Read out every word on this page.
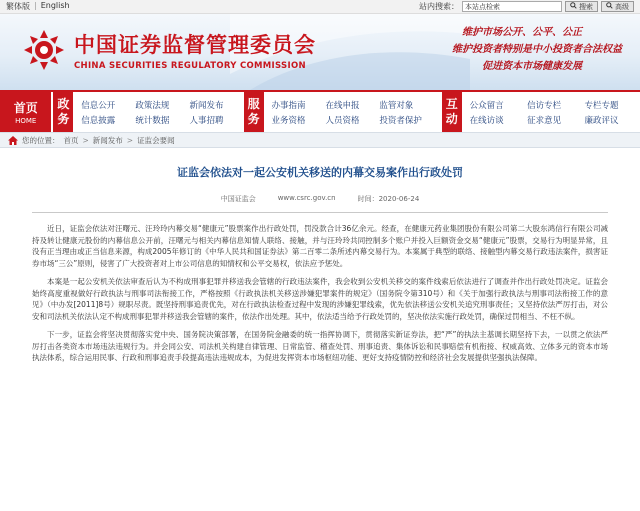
繁体版 | English	站内搜索：
本站点检索	搜索	高级
中国证券监督管理委员会
CHINA SECURITIES REGULATORY COMMISSION
维护市场公开、公平、公正
维护投资者特别是中小投资者合法权益
促进资本市场健康发展
首页
HOME
政
务
信息公开	政策法规	新闻发布
信息披露	统计数据	人事招聘
服
务
办事指南	在线申报	监管对象
业务资格	人员资格	投资者保护
互
动
公众留言	信访专栏	专栏专题
在线访谈	征求意见	廉政评议
您的位置： 首页 > 新闻发布 > 证监会要闻
证监会依法对一起公安机关移送的内幕交易案作出行政处罚
中国证监会	www.csrc.gov.cn	时间：2020-06-24

近日，证监会依法对汪曙元、汪玲玲内幕交易“健康元”股票案作出行政处罚，罚没款合计36亿余元。经查，在健康元药业集团股份有限公司第二大股东鸿信行有限公司减持及转让健康元股份的内幕信息公开前，汪曙元与相关内幕信息知情人联络、接触，并与汪玲玲共同控制多个账户并投入巨额资金交易“健康元”股票，交易行为明显异常，且没有正当理由或正当信息来源，构成2005年修订的《中华人民共和国证券法》第二百零二条所述内幕交易行为。本案属于典型的联络、接触型内幕交易行政违法案件，损害证券市场“三公”原则，侵害了广大投资者对上市公司信息的知情权和公平交易权，依法应予惩处。

本案是一起公安机关依法审查后认为不构成刑事犯罪并移送我会管辖的行政违法案件，我会收到公安机关移交的案件线索后依法进行了调查并作出行政处罚决定。证监会始终高度重视做好行政执法与刑事司法衔接工作，严格按照《行政执法机关移送涉嫌犯罪案件的规定》（国务院令第310号）和《关于加强行政执法与刑事司法衔接工作的意见》（中办发[2011]8号）规职尽责。既坚持刑事追责优先，对在行政执法检查过程中发现的涉嫌犯罪线索，优先依法移送公安机关追究刑事责任；又坚持依法严厉打击，对公安和司法机关依法认定不构成刑事犯罪并移送我会管辖的案件，依法作出处理。其中，依法适当给予行政处罚的，坚决依法实施行政处罚，确保过罚相当、不枉不纵。

下一步，证监会将坚决贯彻落实党中央、国务院决策部署，在国务院金融委的统一指挥协调下，贯彻落实新证券法，把“严”的执法主基调长期坚持下去，一以贯之依法严厉打击各类资本市场违法违规行为。并会同公安、司法机关构建自律管理、日常监管、稽查处罚、刑事追责、集体诉讼和民事赔偿有机衔接、权威高效、立体多元的资本市场执法体系，综合运用民事、行政和刑事追责手段提高违法违规成本，为促进发挥资本市场枢纽功能、更好支持疫情防控和经济社会发展提供坚强执法保障。
